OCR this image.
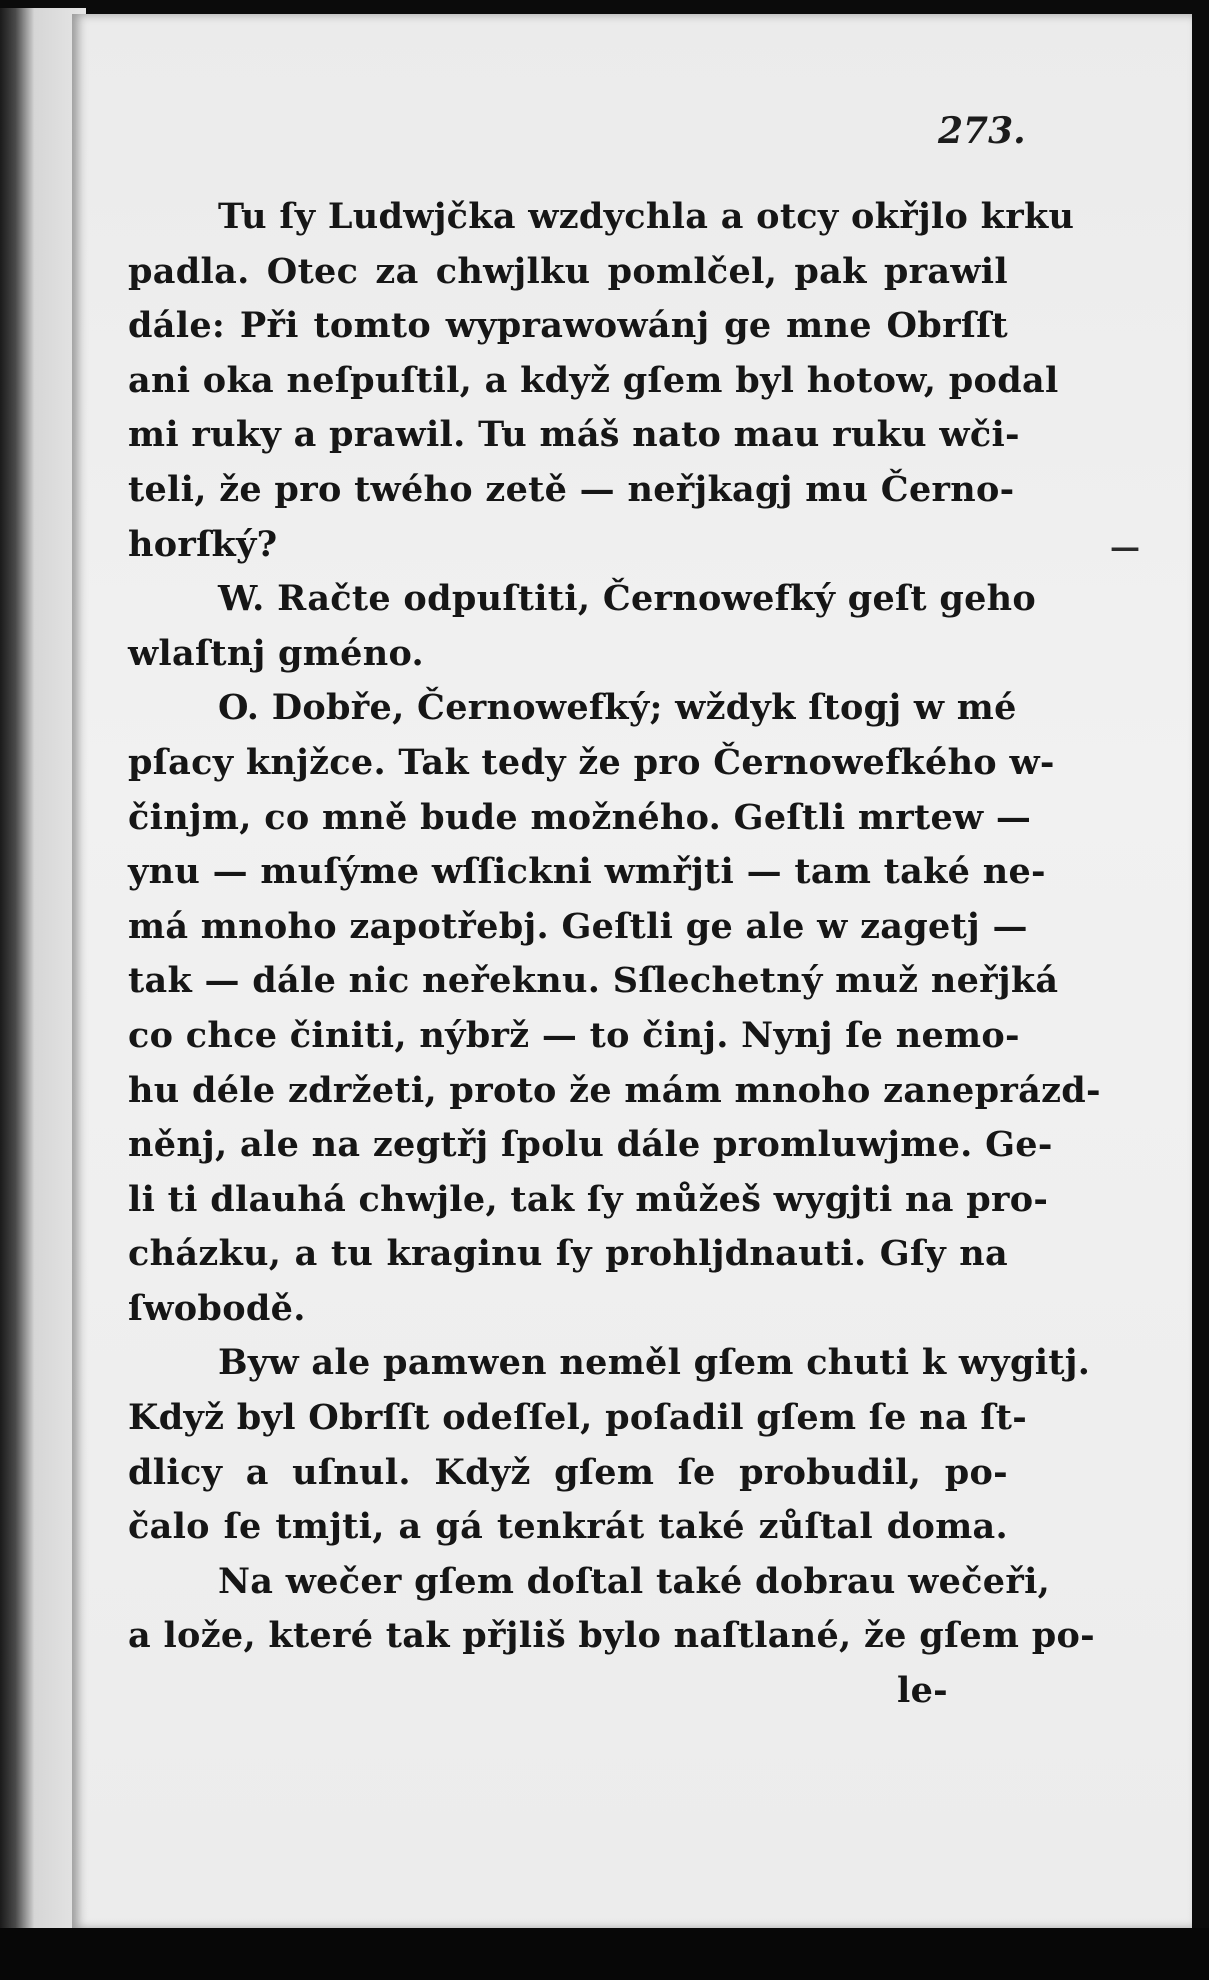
273.
—
Tu ſy Ludwjčka wzdychla a otcy okřjlo krku
padla. Otec za chwjlku pomlčel, pak prawil
dále: Při tomto wyprawowánj ge mne Obrſſt
ani oka neſpuſtil, a když gſem byl hotow, podal
mi ruky a prawil. Tu máš nato mau ruku wči-
teli, že pro twého zetě — neřjkagj mu Černo-
horſký?
W. Račte odpuſtiti, Černowefký geſt geho
wlaſtnj gméno.
O. Dobře, Černowefký; wždyk ſtogj w mé
pſacy knjžce. Tak tedy že pro Černowefkého w-
činjm, co mně bude možného. Geſtli mrtew —
ynu — muſýme wſſickni wmřjti — tam také ne-
má mnoho zapotřebj. Geſtli ge ale w zagetj —
tak — dále nic neřeknu. Sſlechetný muž neřjká
co chce činiti, nýbrž — to činj. Nynj ſe nemo-
hu déle zdržeti, proto že mám mnoho zaneprázd-
něnj, ale na zegtřj ſpolu dále promluwjme. Ge-
li ti dlauhá chwjle, tak ſy můžeš wygjti na pro-
cházku, a tu kraginu ſy prohljdnauti. Gſy na
ſwobodě.
Byw ale pamwen neměl gſem chuti k wygitj.
Když byl Obrſſt odeſſel, poſadil gſem ſe na ſt-
dlicy a uſnul. Když gſem ſe probudil, po-
čalo ſe tmjti, a gá tenkrát také zůſtal doma.
Na wečer gſem doſtal také dobrau wečeři,
a lože, které tak přjliš bylo naſtlané, že gſem po-
le-
